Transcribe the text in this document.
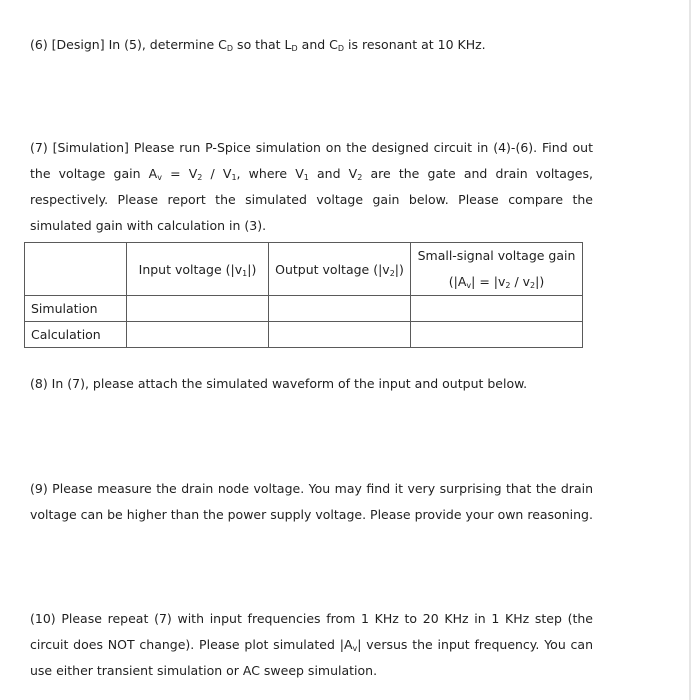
(6) [Design] In (5), determine $C_D$ so that $L_D$ and $C_D$ is resonant at 10 KHz.

(7) [Simulation] Please run P-Spice simulation on the designed circuit in (4)-(6). Find out the voltage gain $A_v = V_2 / V_1$, where $V_1$ and $V_2$ are the gate and drain voltages, respectively. Please report the simulated voltage gain below. Please compare the simulated gain with calculation in (3).

	Input voltage $(|v_1|)$	Output voltage $(|v_2|)$	Small-signal voltage gain
$(|A_v| = |v_2 / v_2|)$

Simulation			
Calculation			

(8) In (7), please attach the simulated waveform of the input and output below.

(9) Please measure the drain node voltage. You may find it very surprising that the drain voltage can be higher than the power supply voltage. Please provide your own reasoning.

(10) Please repeat (7) with input frequencies from 1 KHz to 20 KHz in 1 KHz step (the circuit does NOT change). Please plot simulated $|A_v|$ versus the input frequency. You can use either transient simulation or AC sweep simulation.
